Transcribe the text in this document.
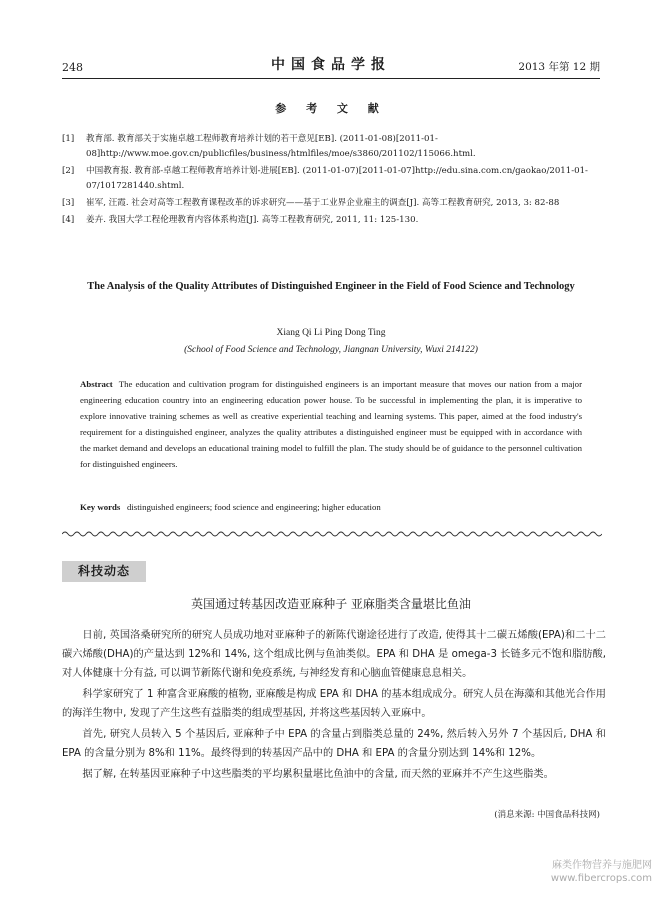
248	中国食品学报	2013 年第 12 期
参 考 文 献
[1]	教育部. 教育部关于实施卓越工程师教育培养计划的若干意见[EB]. (2011-01-08)[2011-01-08]http://www.moe.gov.cn/publicfiles/business/htmlfiles/moe/s3860/201102/115066.html.
[2]	中国教育报. 教育部-卓越工程师教育培养计划-进展[EB]. (2011-01-07)[2011-01-07]http://edu.sina.com.cn/gaokao/2011-01-07/1017281440.shtml.
[3]	崔军, 汪霞. 社会对高等工程教育课程改革的诉求研究——基于工业界企业雇主的调查[J]. 高等工程教育研究, 2013, 3: 82-88
[4]	姜卉. 我国大学工程伦理教育内容体系构造[J]. 高等工程教育研究, 2011, 11: 125-130.
The Analysis of the Quality Attributes of Distinguished Engineer in the Field of Food Science and Technology
Xiang Qi Li Ping Dong Ting
(School of Food Science and Technology, Jiangnan University, Wuxi 214122)
Abstract The education and cultivation program for distinguished engineers is an important measure that moves our nation from a major engineering education country into an engineering education power house. To be successful in implementing the plan, it is imperative to explore innovative training schemes as well as creative experiential teaching and learning systems. This paper, aimed at the food industry's requirement for a distinguished engineer, analyzes the quality attributes a distinguished engineer must be equipped with in accordance with the market demand and develops an educational training model to fulfill the plan. The study should be of guidance to the personnel cultivation for distinguished engineers.
Key words distinguished engineers; food science and engineering; higher education
科技动态
英国通过转基因改造亚麻种子 亚麻脂类含量堪比鱼油

日前, 英国洛桑研究所的研究人员成功地对亚麻种子的新陈代谢途径进行了改造, 使得其十二碳五烯酸(EPA)和二十二碳六烯酸(DHA)的产量达到 12%和 14%, 这个组成比例与鱼油类似。EPA 和 DHA 是 omega-3 长链多元不饱和脂肪酸, 对人体健康十分有益, 可以调节新陈代谢和免疫系统, 与神经发育和心脑血管健康息息相关。

科学家研究了 1 种富含亚麻酸的植物, 亚麻酸是构成 EPA 和 DHA 的基本组成成分。研究人员在海藻和其他光合作用的海洋生物中, 发现了产生这些有益脂类的组成型基因, 并将这些基因转入亚麻中。

首先, 研究人员转入 5 个基因后, 亚麻种子中 EPA 的含量占到脂类总量的 24%, 然后转入另外 7 个基因后, DHA 和 EPA 的含量分别为 8%和 11%。最终得到的转基因产品中的 DHA 和 EPA 的含量分别达到 14%和 12%。

据了解, 在转基因亚麻种子中这些脂类的平均累积量堪比鱼油中的含量, 而天然的亚麻并不产生这些脂类。

(消息来源: 中国食品科技网)
麻类作物营养与施肥网
www.fibercrops.com
